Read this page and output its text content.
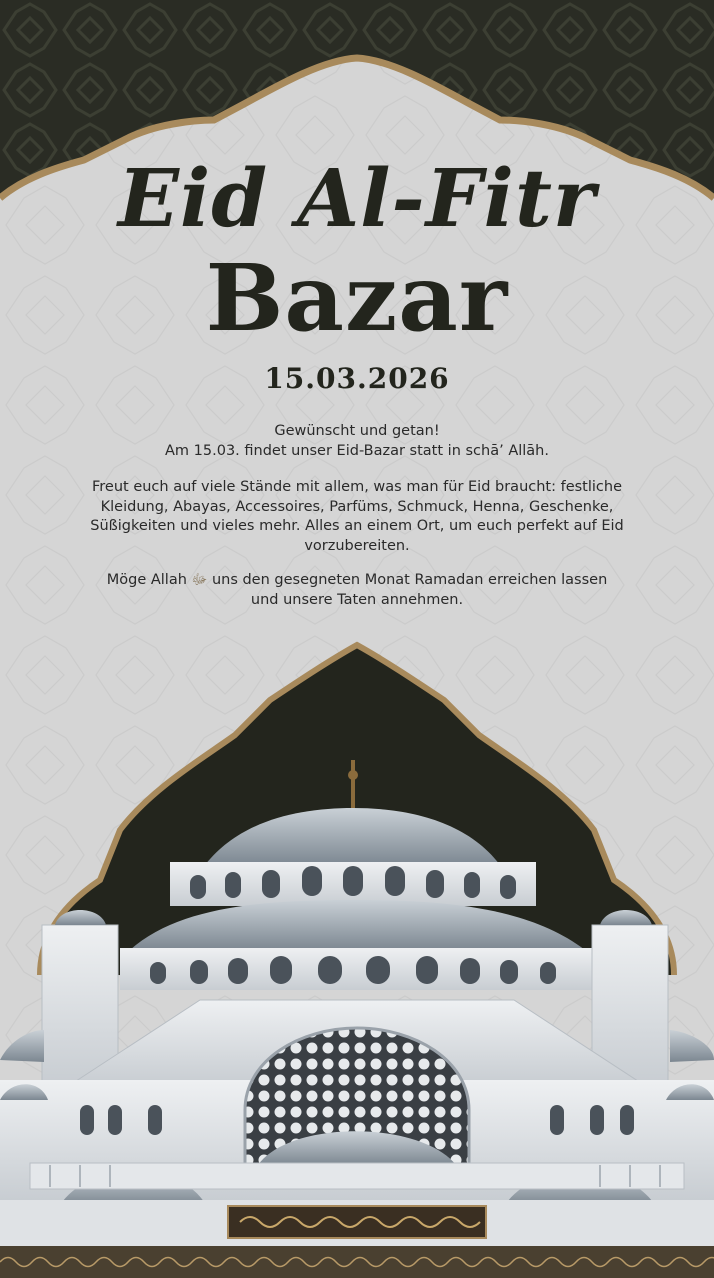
Eid Al-Fitr
Bazar
15.03.2026
Gewünscht und getan!
Am 15.03. findet unser Eid-Bazar statt in schā’ Allāh.
Freut euch auf viele Stände mit allem, was man für Eid braucht: festliche
Kleidung, Abayas, Accessoires, Parfüms, Schmuck, Henna, Geschenke,
Süßigkeiten und vieles mehr. Alles an einem Ort, um euch perfekt auf Eid
vorzubereiten.
Möge Allah ﷻ uns den gesegneten Monat Ramadan erreichen lassen
und unsere Taten annehmen.
